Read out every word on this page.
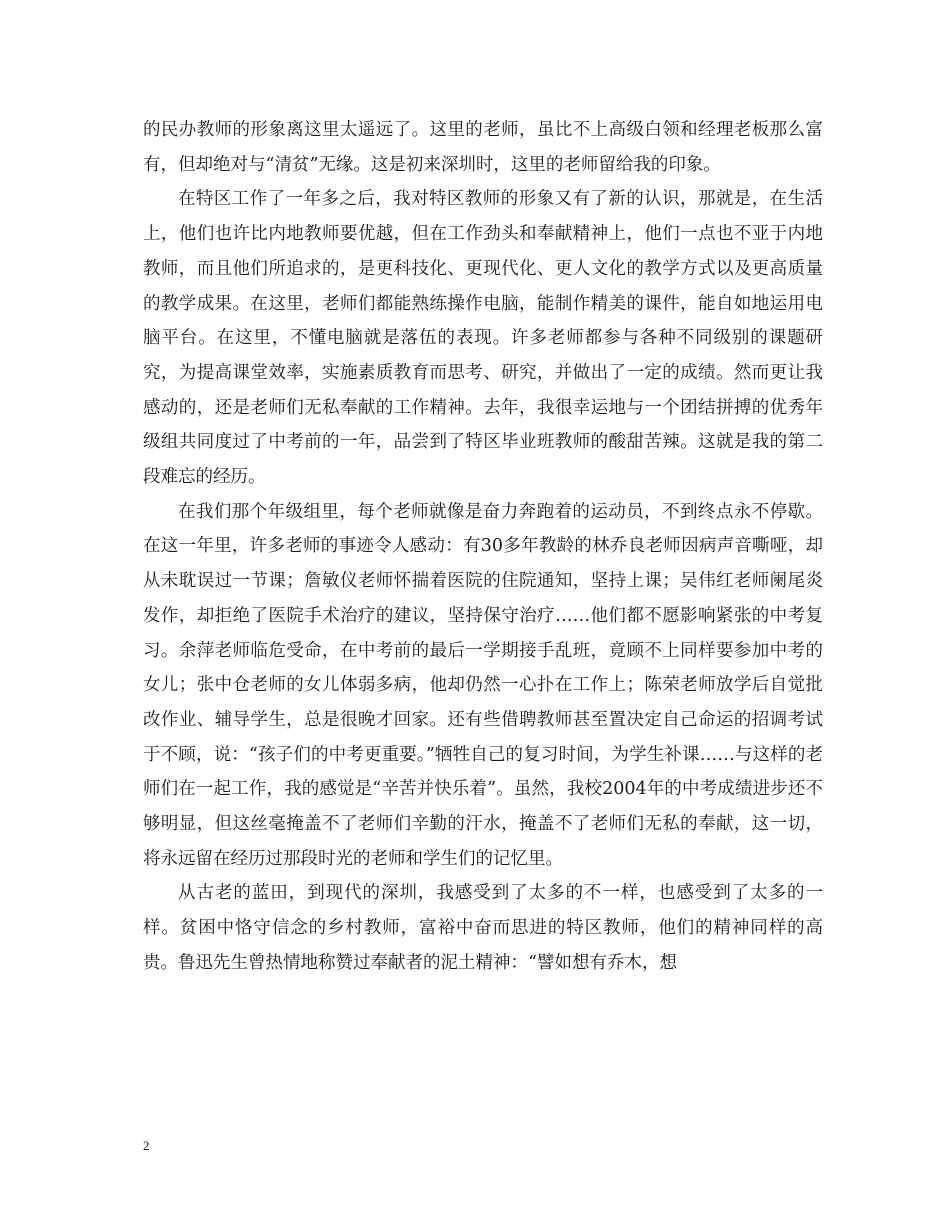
的民办教师的形象离这里太遥远了。这里的老师，虽比不上高级白领和经理老板那么富有，但却绝对与“清贫”无缘。这是初来深圳时，这里的老师留给我的印象。

在特区工作了一年多之后，我对特区教师的形象又有了新的认识，那就是，在生活上，他们也许比内地教师要优越，但在工作劲头和奉献精神上，他们一点也不亚于内地教师，而且他们所追求的，是更科技化、更现代化、更人文化的教学方式以及更高质量的教学成果。在这里，老师们都能熟练操作电脑，能制作精美的课件，能自如地运用电脑平台。在这里，不懂电脑就是落伍的表现。许多老师都参与各种不同级别的课题研究，为提高课堂效率，实施素质教育而思考、研究，并做出了一定的成绩。然而更让我感动的，还是老师们无私奉献的工作精神。去年，我很幸运地与一个团结拼搏的优秀年级组共同度过了中考前的一年，品尝到了特区毕业班教师的酸甜苦辣。这就是我的第二段难忘的经历。

在我们那个年级组里，每个老师就像是奋力奔跑着的运动员，不到终点永不停歇。在这一年里，许多老师的事迹令人感动：有30多年教龄的林乔良老师因病声音嘶哑，却从未耽误过一节课；詹敏仪老师怀揣着医院的住院通知，坚持上课；吴伟红老师阑尾炎发作，却拒绝了医院手术治疗的建议，坚持保守治疗……他们都不愿影响紧张的中考复习。余萍老师临危受命，在中考前的最后一学期接手乱班，竟顾不上同样要参加中考的女儿；张中仓老师的女儿体弱多病，他却仍然一心扑在工作上；陈荣老师放学后自觉批改作业、辅导学生，总是很晚才回家。还有些借聘教师甚至置决定自己命运的招调考试于不顾，说：“孩子们的中考更重要。”牺牲自己的复习时间，为学生补课……与这样的老师们在一起工作，我的感觉是“辛苦并快乐着”。虽然，我校2004年的中考成绩进步还不够明显，但这丝毫掩盖不了老师们辛勤的汗水，掩盖不了老师们无私的奉献，这一切，将永远留在经历过那段时光的老师和学生们的记忆里。

从古老的蓝田，到现代的深圳，我感受到了太多的不一样，也感受到了太多的一样。贫困中恪守信念的乡村教师，富裕中奋而思进的特区教师，他们的精神同样的高贵。鲁迅先生曾热情地称赞过奉献者的泥土精神：“譬如想有乔木，想

2
